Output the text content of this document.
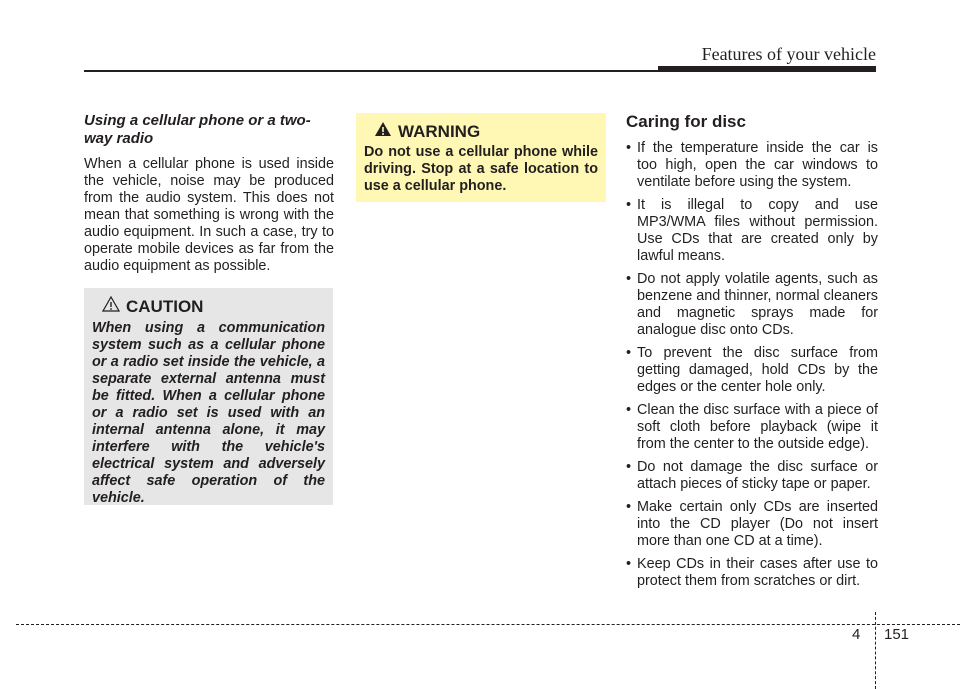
Features of your vehicle

Using a cellular phone or a two-way radio

When a cellular phone is used inside the vehicle, noise may be produced from the audio system. This does not mean that something is wrong with the audio equipment. In such a case, try to operate mobile devices as far from the audio equipment as possible.

CAUTION

When using a communication system such as a cellular phone or a radio set inside the vehicle, a separate external antenna must be fitted. When a cellular phone or a radio set is used with an internal antenna alone, it may interfere with the vehicle's electrical system and adversely affect safe operation of the vehicle.

WARNING

Do not use a cellular phone while driving. Stop at a safe location to use a cellular phone.

Caring for disc

• If the temperature inside the car is too high, open the car windows to ventilate before using the system.
• It is illegal to copy and use MP3/WMA files without permission. Use CDs that are created only by lawful means.
• Do not apply volatile agents, such as benzene and thinner, normal cleaners and magnetic sprays made for analogue disc onto CDs.
• To prevent the disc surface from getting damaged, hold CDs by the edges or the center hole only.
• Clean the disc surface with a piece of soft cloth before playback (wipe it from the center to the outside edge).
• Do not damage the disc surface or attach pieces of sticky tape or paper.
• Make certain only CDs are inserted into the CD player (Do not insert more than one CD at a time).
• Keep CDs in their cases after use to protect them from scratches or dirt.
4 151
